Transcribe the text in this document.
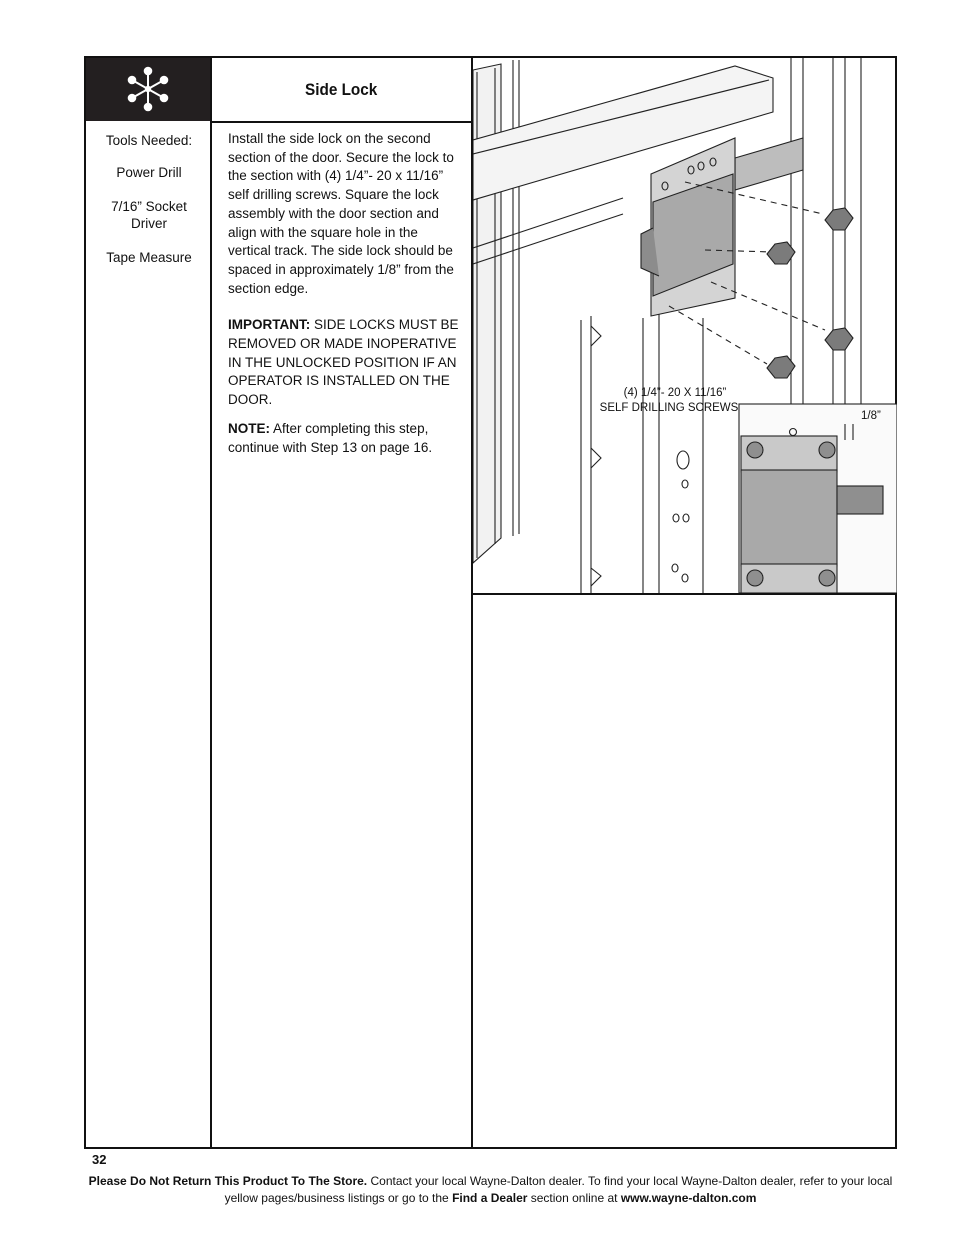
Side Lock
Tools Needed:
Power Drill
7/16” Socket Driver
Tape Measure

Install the side lock on the second section of the door. Secure the lock to the section with (4) 1/4”- 20 x 11/16” self drilling screws. Square the lock assembly with the door section and align with the square hole in the vertical track. The side lock should be spaced in approximately 1/8” from the section edge.

IMPORTANT: SIDE LOCKS MUST BE REMOVED OR MADE INOPERATIVE IN THE UNLOCKED POSITION IF AN OPERATOR IS INSTALLED ON THE DOOR.

NOTE: After completing this step, continue with Step 13 on page 16.

(4) 1/4”- 20 X 11/16”
SELF DRILLING SCREWS
1/8”
32
Please Do Not Return This Product To The Store. Contact your local Wayne-Dalton dealer. To find your local Wayne-Dalton dealer, refer to your local yellow pages/business listings or go to the Find a Dealer section online at www.wayne-dalton.com
